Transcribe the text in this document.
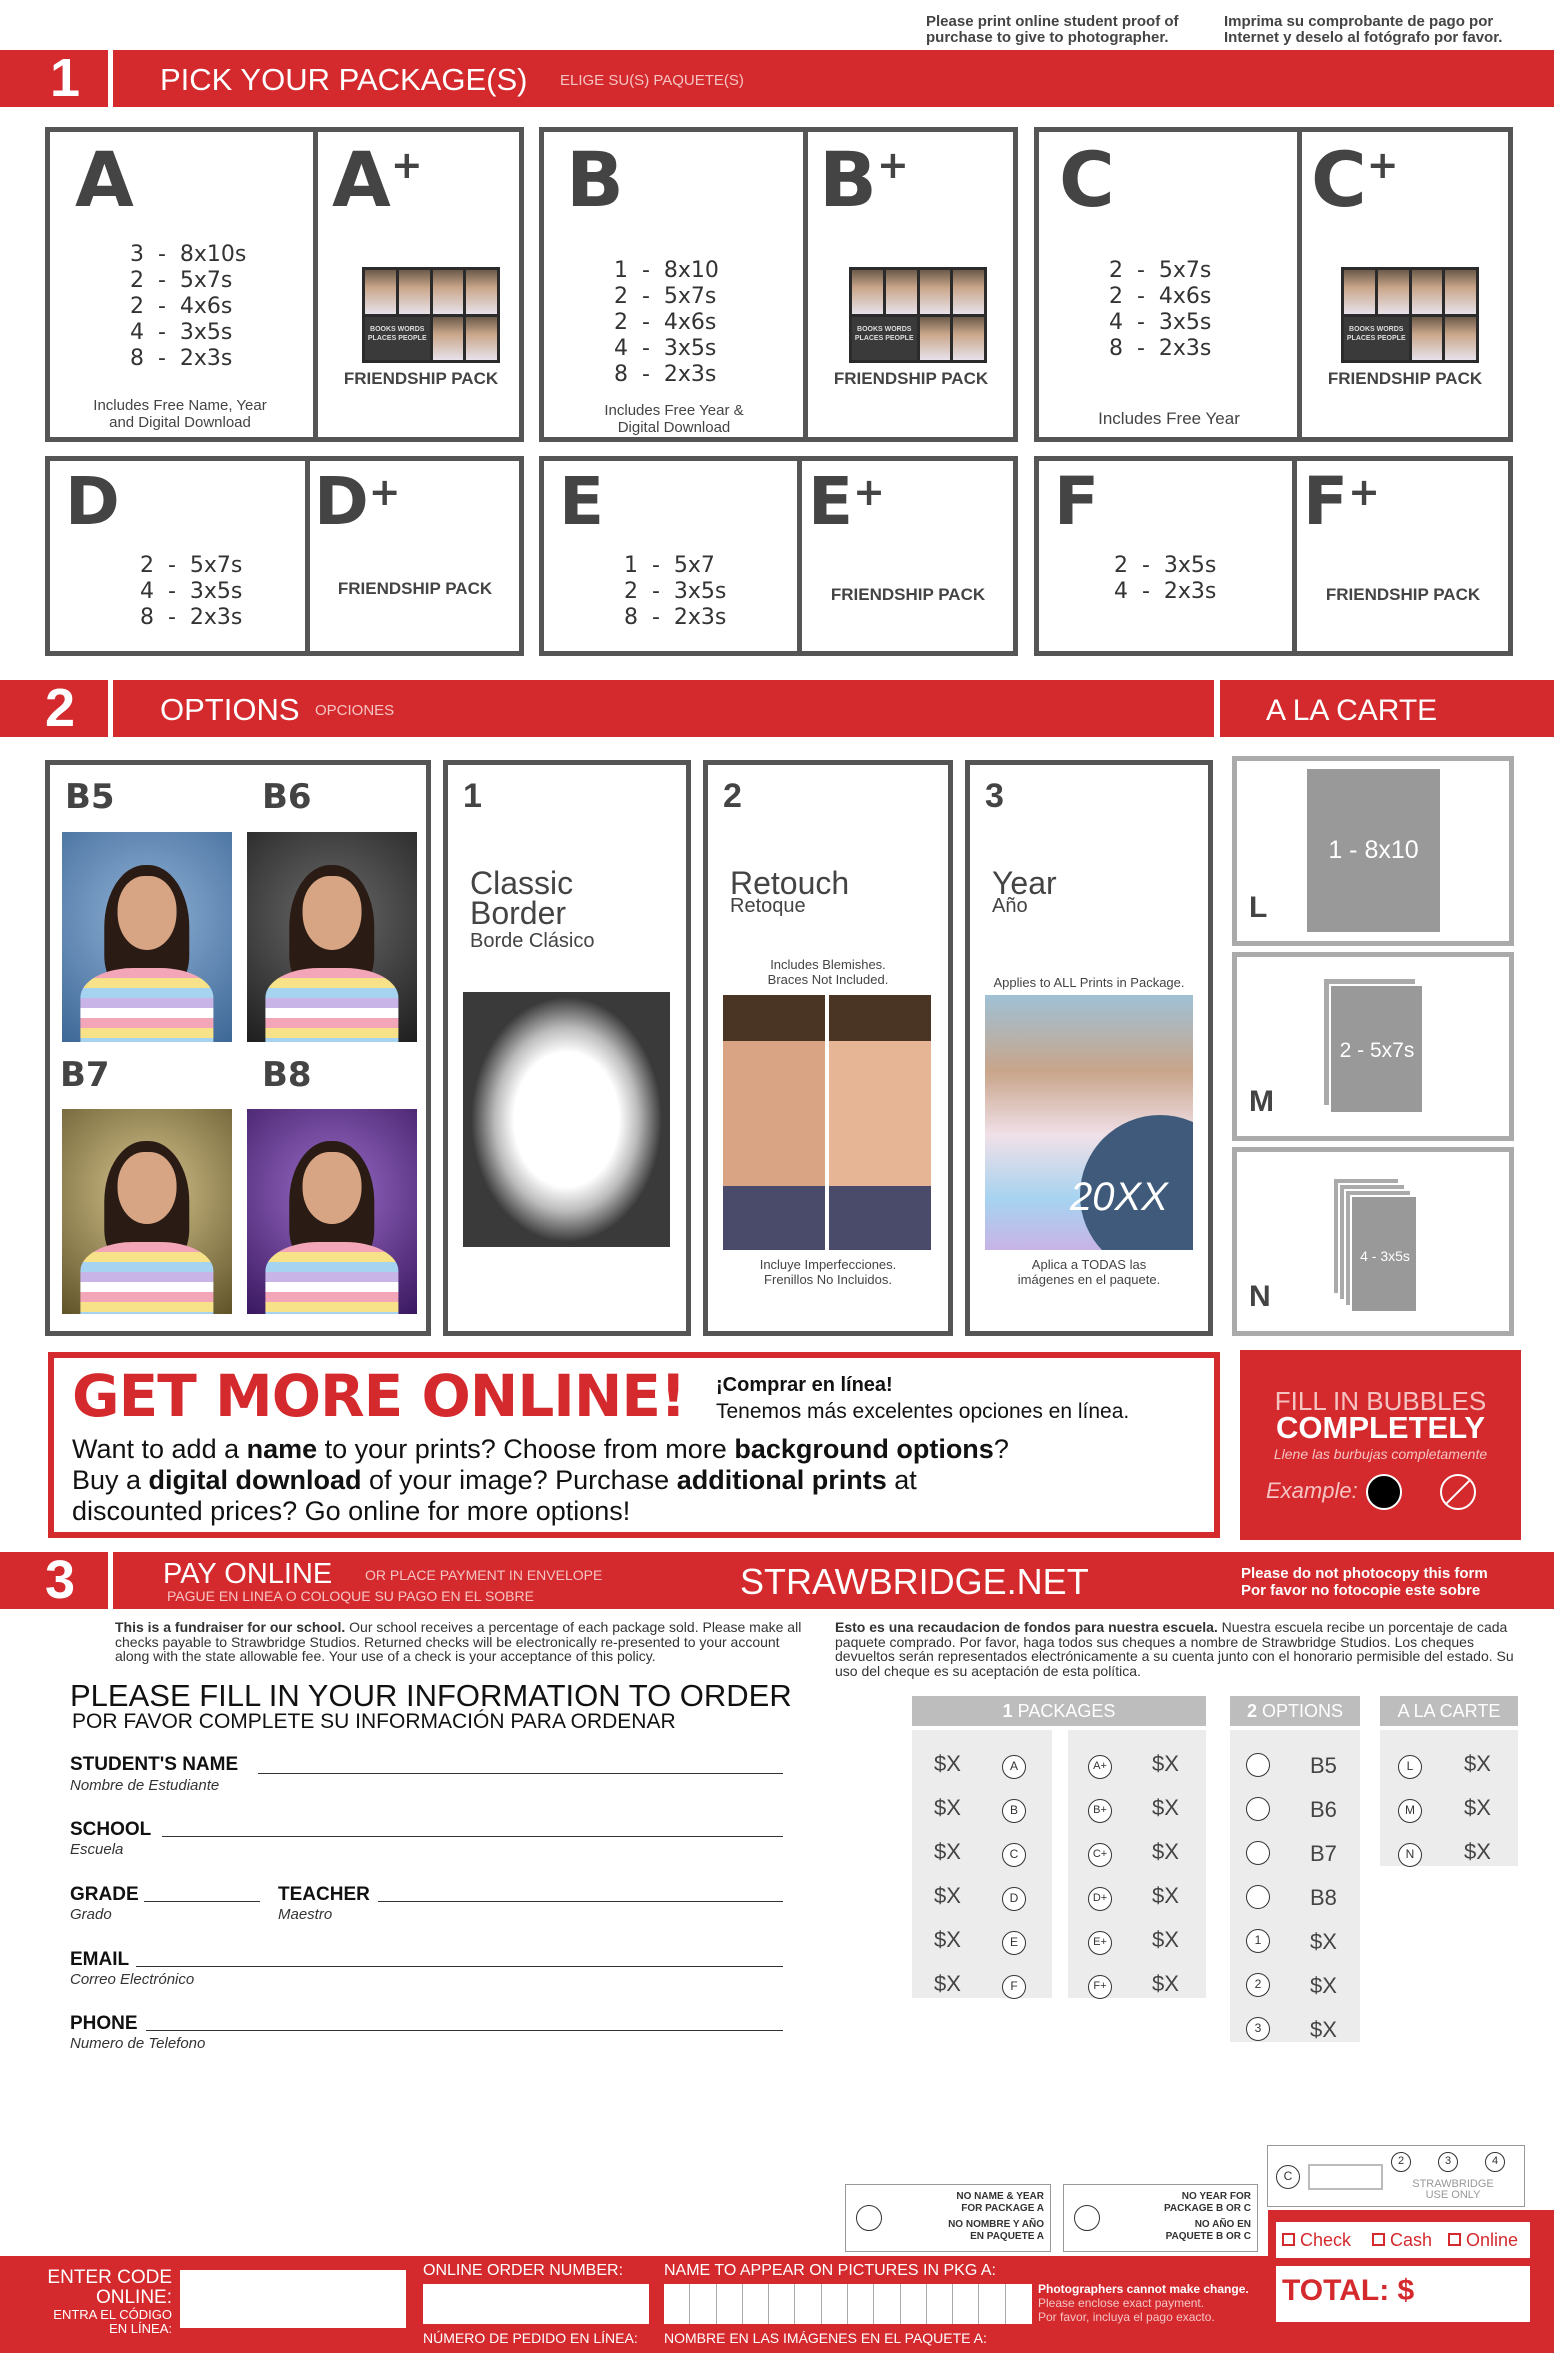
Please print online student proof of purchase to give to photographer.
Imprima su comprobante de pago por Internet y deselo al fotógrafo por favor.
1	PICK YOUR PACKAGE(S) ELIGE SU(S) PAQUETE(S)
A
3  -  8x10s
2  -  5x7s
2  -  4x6s
4  -  3x5s
8  -  2x3s
Includes Free Name, Year and Digital Download
A+
BOOKS WORDS PLACES PEOPLE
FRIENDSHIP PACK
B
1  -  8x10
2  -  5x7s
2  -  4x6s
4  -  3x5s
8  -  2x3s
Includes Free Year & Digital Download
B+
BOOKS WORDS PLACES PEOPLE
FRIENDSHIP PACK
C
2  -  5x7s
2  -  4x6s
4  -  3x5s
8  -  2x3s
Includes Free Year
C+
BOOKS WORDS PLACES PEOPLE
FRIENDSHIP PACK
D
2  -  5x7s
4  -  3x5s
8  -  2x3s
D+
FRIENDSHIP PACK
E
1  -  5x7
2  -  3x5s
8  -  2x3s
E+
FRIENDSHIP PACK
F
2  -  3x5s
4  -  2x3s
F+
FRIENDSHIP PACK
2	OPTIONS OPCIONES	A LA CARTE
B5	B6
B7	B8
1
Classic
Border
Borde Clásico
2
Retouch
Retoque
Includes Blemishes.
Braces Not Included.
Incluye Imperfecciones.
Frenillos No Incluidos.
3
Year
Año
Applies to ALL Prints in Package.
20XX
Aplica a TODAS las
imágenes en el paquete.
1 - 8x10
L
2 - 5x7s
M
4 - 3x5s
N
GET MORE ONLINE! ¡Comprar en línea!
Tenemos más excelentes opciones en línea.
Want to add a name to your prints? Choose from more background options?
Buy a digital download of your image? Purchase additional prints at
discounted prices? Go online for more options!
FILL IN BUBBLES
COMPLETELY
Llene las burbujas completamente
Example:
3	PAY ONLINE OR PLACE PAYMENT IN ENVELOPE
PAGUE EN LINEA O COLOQUE SU PAGO EN EL SOBRE	STRAWBRIDGE.NET	Please do not photocopy this form
Por favor no fotocopie este sobre
This is a fundraiser for our school. Our school receives a percentage of each package sold. Please make all checks payable to Strawbridge Studios. Returned checks will be electronically re-presented to your account along with the state allowable fee. Your use of a check is your acceptance of this policy.
Esto es una recaudacion de fondos para nuestra escuela. Nuestra escuela recibe un porcentaje de cada paquete comprado. Por favor, haga todos sus cheques a nombre de Strawbridge Studios. Los cheques devueltos serán representados electrónicamente a su cuenta junto con el honorario permisible del estado. Su uso del cheque es su aceptación de esta política.
PLEASE FILL IN YOUR INFORMATION TO ORDER
POR FAVOR COMPLETE SU INFORMACIÓN PARA ORDENAR
STUDENT'S NAME
Nombre de Estudiante
SCHOOL
Escuela
GRADE
Grado
TEACHER
Maestro
EMAIL
Correo Electrónico
PHONE
Numero de Telefono
1 PACKAGES	2 OPTIONS	A LA CARTE
$X	A	A+ $X
$X	B	B+ $X
$X	C	C+ $X
$X	D	D+ $X
$X	E	E+ $X
$X	F	F+ $X
B5
B6
B7
B8
1	$X
2	$X
3	$X
L	$X
M	$X
N	$X
NO NAME & YEAR
FOR PACKAGE A
NO NOMBRE Y AÑO
EN PAQUETE A
NO YEAR FOR
PACKAGE B OR C
NO AÑO EN
PAQUETE B OR C
C
2	3	4
STRAWBRIDGE
USE ONLY
ENTER CODE
ONLINE:
ENTRA EL CÓDIGO
EN LÍNEA:
ONLINE ORDER NUMBER:
NÚMERO DE PEDIDO EN LÍNEA:
NAME TO APPEAR ON PICTURES IN PKG A:
NOMBRE EN LAS IMÁGENES EN EL PAQUETE A:
Photographers cannot make change.
Please enclose exact payment.
Por favor, incluya el pago exacto.
Check Cash Online
TOTAL: $
